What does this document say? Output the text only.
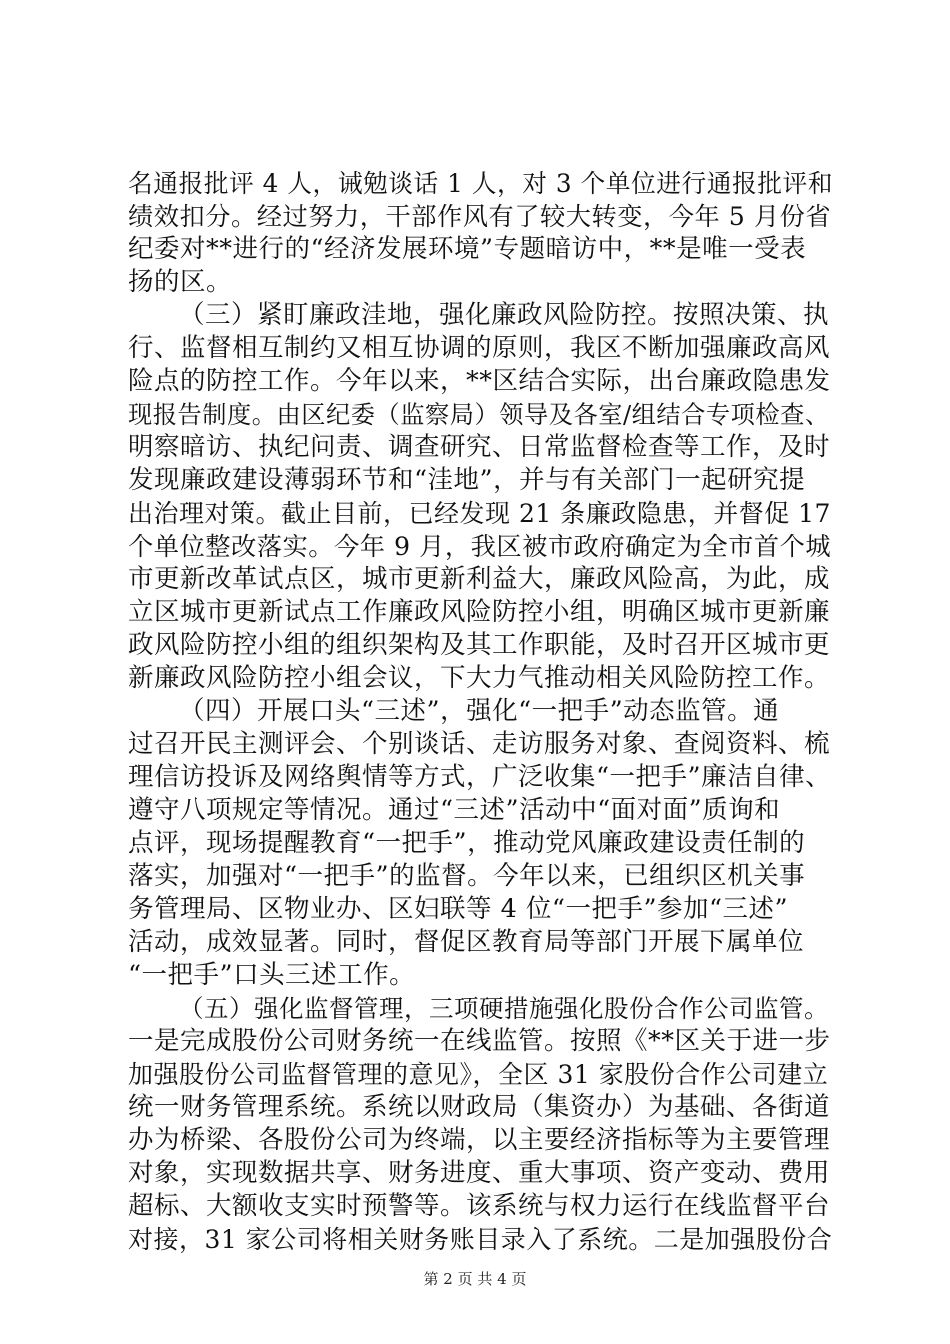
名通报批评 4 人，诫勉谈话 1 人，对 3 个单位进行通报批评和
绩效扣分。经过努力，干部作风有了较大转变，今年 5 月份省
纪委对**进行的“经济发展环境”专题暗访中，**是唯一受表
扬的区。
（三）紧盯廉政洼地，强化廉政风险防控。按照决策、执
行、监督相互制约又相互协调的原则，我区不断加强廉政高风
险点的防控工作。今年以来，**区结合实际，出台廉政隐患发
现报告制度。由区纪委（监察局）领导及各室/组结合专项检查、
明察暗访、执纪问责、调查研究、日常监督检查等工作，及时
发现廉政建设薄弱环节和“洼地”，并与有关部门一起研究提
出治理对策。截止目前，已经发现 21 条廉政隐患，并督促 17
个单位整改落实。今年 9 月，我区被市政府确定为全市首个城
市更新改革试点区，城市更新利益大，廉政风险高，为此，成
立区城市更新试点工作廉政风险防控小组，明确区城市更新廉
政风险防控小组的组织架构及其工作职能，及时召开区城市更
新廉政风险防控小组会议，下大力气推动相关风险防控工作。
（四）开展口头“三述”，强化“一把手”动态监管。通
过召开民主测评会、个别谈话、走访服务对象、查阅资料、梳
理信访投诉及网络舆情等方式，广泛收集“一把手”廉洁自律、
遵守八项规定等情况。通过“三述”活动中“面对面”质询和
点评，现场提醒教育“一把手”，推动党风廉政建设责任制的
落实，加强对“一把手”的监督。今年以来，已组织区机关事
务管理局、区物业办、区妇联等 4 位“一把手”参加“三述”
活动，成效显著。同时，督促区教育局等部门开展下属单位
“一把手”口头三述工作。
（五）强化监督管理，三项硬措施强化股份合作公司监管。
一是完成股份公司财务统一在线监管。按照《**区关于进一步
加强股份公司监督管理的意见》，全区 31 家股份合作公司建立
统一财务管理系统。系统以财政局（集资办）为基础、各街道
办为桥梁、各股份公司为终端，以主要经济指标等为主要管理
对象，实现数据共享、财务进度、重大事项、资产变动、费用
超标、大额收支实时预警等。该系统与权力运行在线监督平台
对接，31 家公司将相关财务账目录入了系统。二是加强股份合
第 2 页 共 4 页
